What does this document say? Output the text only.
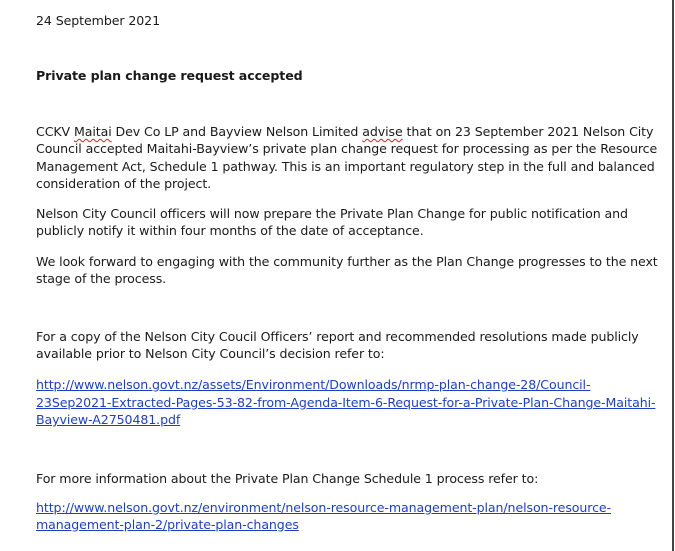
24 September 2021
Private plan change request accepted
CCKV Maitai Dev Co LP and Bayview Nelson Limited advise that on 23 September 2021 Nelson City
Council accepted Maitahi-Bayview’s private plan change request for processing as per the Resource
Management Act, Schedule 1 pathway. This is an important regulatory step in the full and balanced
consideration of the project.
Nelson City Council officers will now prepare the Private Plan Change for public notification and
publicly notify it within four months of the date of acceptance.
We look forward to engaging with the community further as the Plan Change progresses to the next
stage of the process.
For a copy of the Nelson City Coucil Officers’ report and recommended resolutions made publicly
available prior to Nelson City Council’s decision refer to:
http://www.nelson.govt.nz/assets/Environment/Downloads/nrmp-plan-change-28/Council-
23Sep2021-Extracted-Pages-53-82-from-Agenda-Item-6-Request-for-a-Private-Plan-Change-Maitahi-
Bayview-A2750481.pdf
For more information about the Private Plan Change Schedule 1 process refer to:
http://www.nelson.govt.nz/environment/nelson-resource-management-plan/nelson-resource-
management-plan-2/private-plan-changes
